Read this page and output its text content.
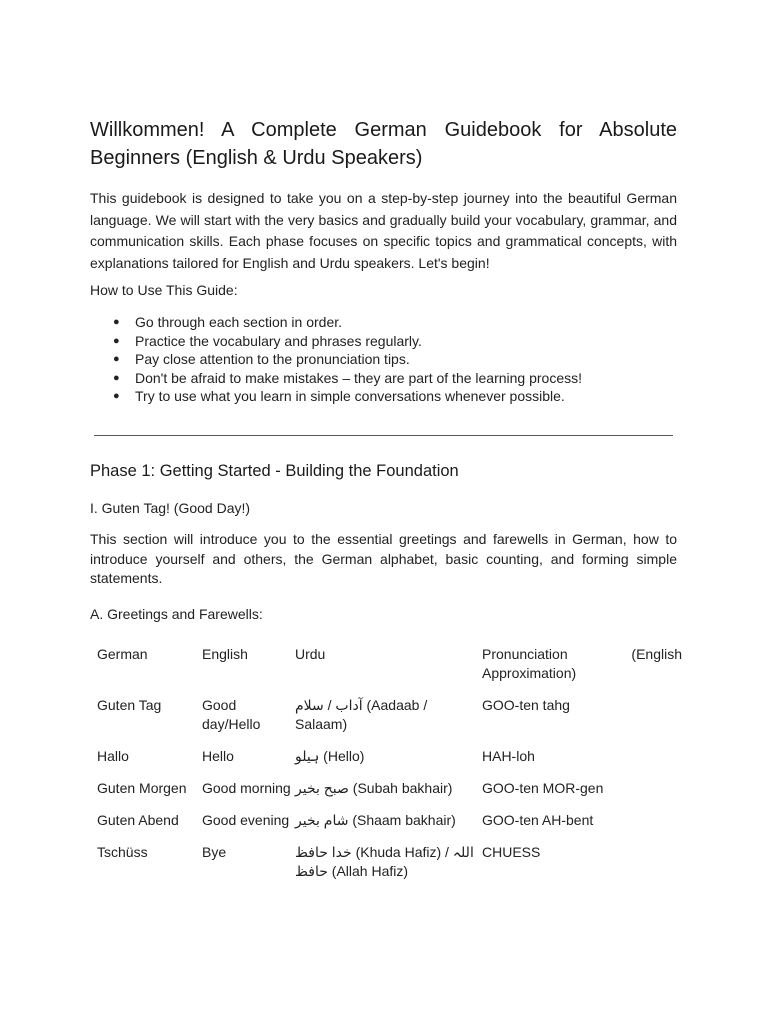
Willkommen! A Complete German Guidebook for Absolute Beginners (English & Urdu Speakers)

This guidebook is designed to take you on a step-by-step journey into the beautiful German language. We will start with the very basics and gradually build your vocabulary, grammar, and communication skills. Each phase focuses on specific topics and grammatical concepts, with explanations tailored for English and Urdu speakers. Let's begin!

How to Use This Guide:

● Go through each section in order.
● Practice the vocabulary and phrases regularly.
● Pay close attention to the pronunciation tips.
● Don't be afraid to make mistakes – they are part of the learning process!
● Try to use what you learn in simple conversations whenever possible.
Phase 1: Getting Started - Building the Foundation

I. Guten Tag! (Good Day!)

This section will introduce you to the essential greetings and farewells in German, how to introduce yourself and others, the German alphabet, basic counting, and forming simple statements.

A. Greetings and Farewells:

German	English	Urdu	Pronunciation (English
Approximation)

Guten Tag	Good day/Hello	آداب / سلام (Aadaab / Salaam)	GOO-ten tahg
Hallo	Hello	ہیلو (Hello)	HAH-loh
Guten Morgen	Good morning	صبح بخیر (Subah bakhair)	GOO-ten MOR-gen
Guten Abend	Good evening	شام بخیر (Shaam bakhair)	GOO-ten AH-bent
Tschüss	Bye	خدا حافظ (Khuda Hafiz) / اللہ حافظ (Allah Hafiz)	CHUESS
